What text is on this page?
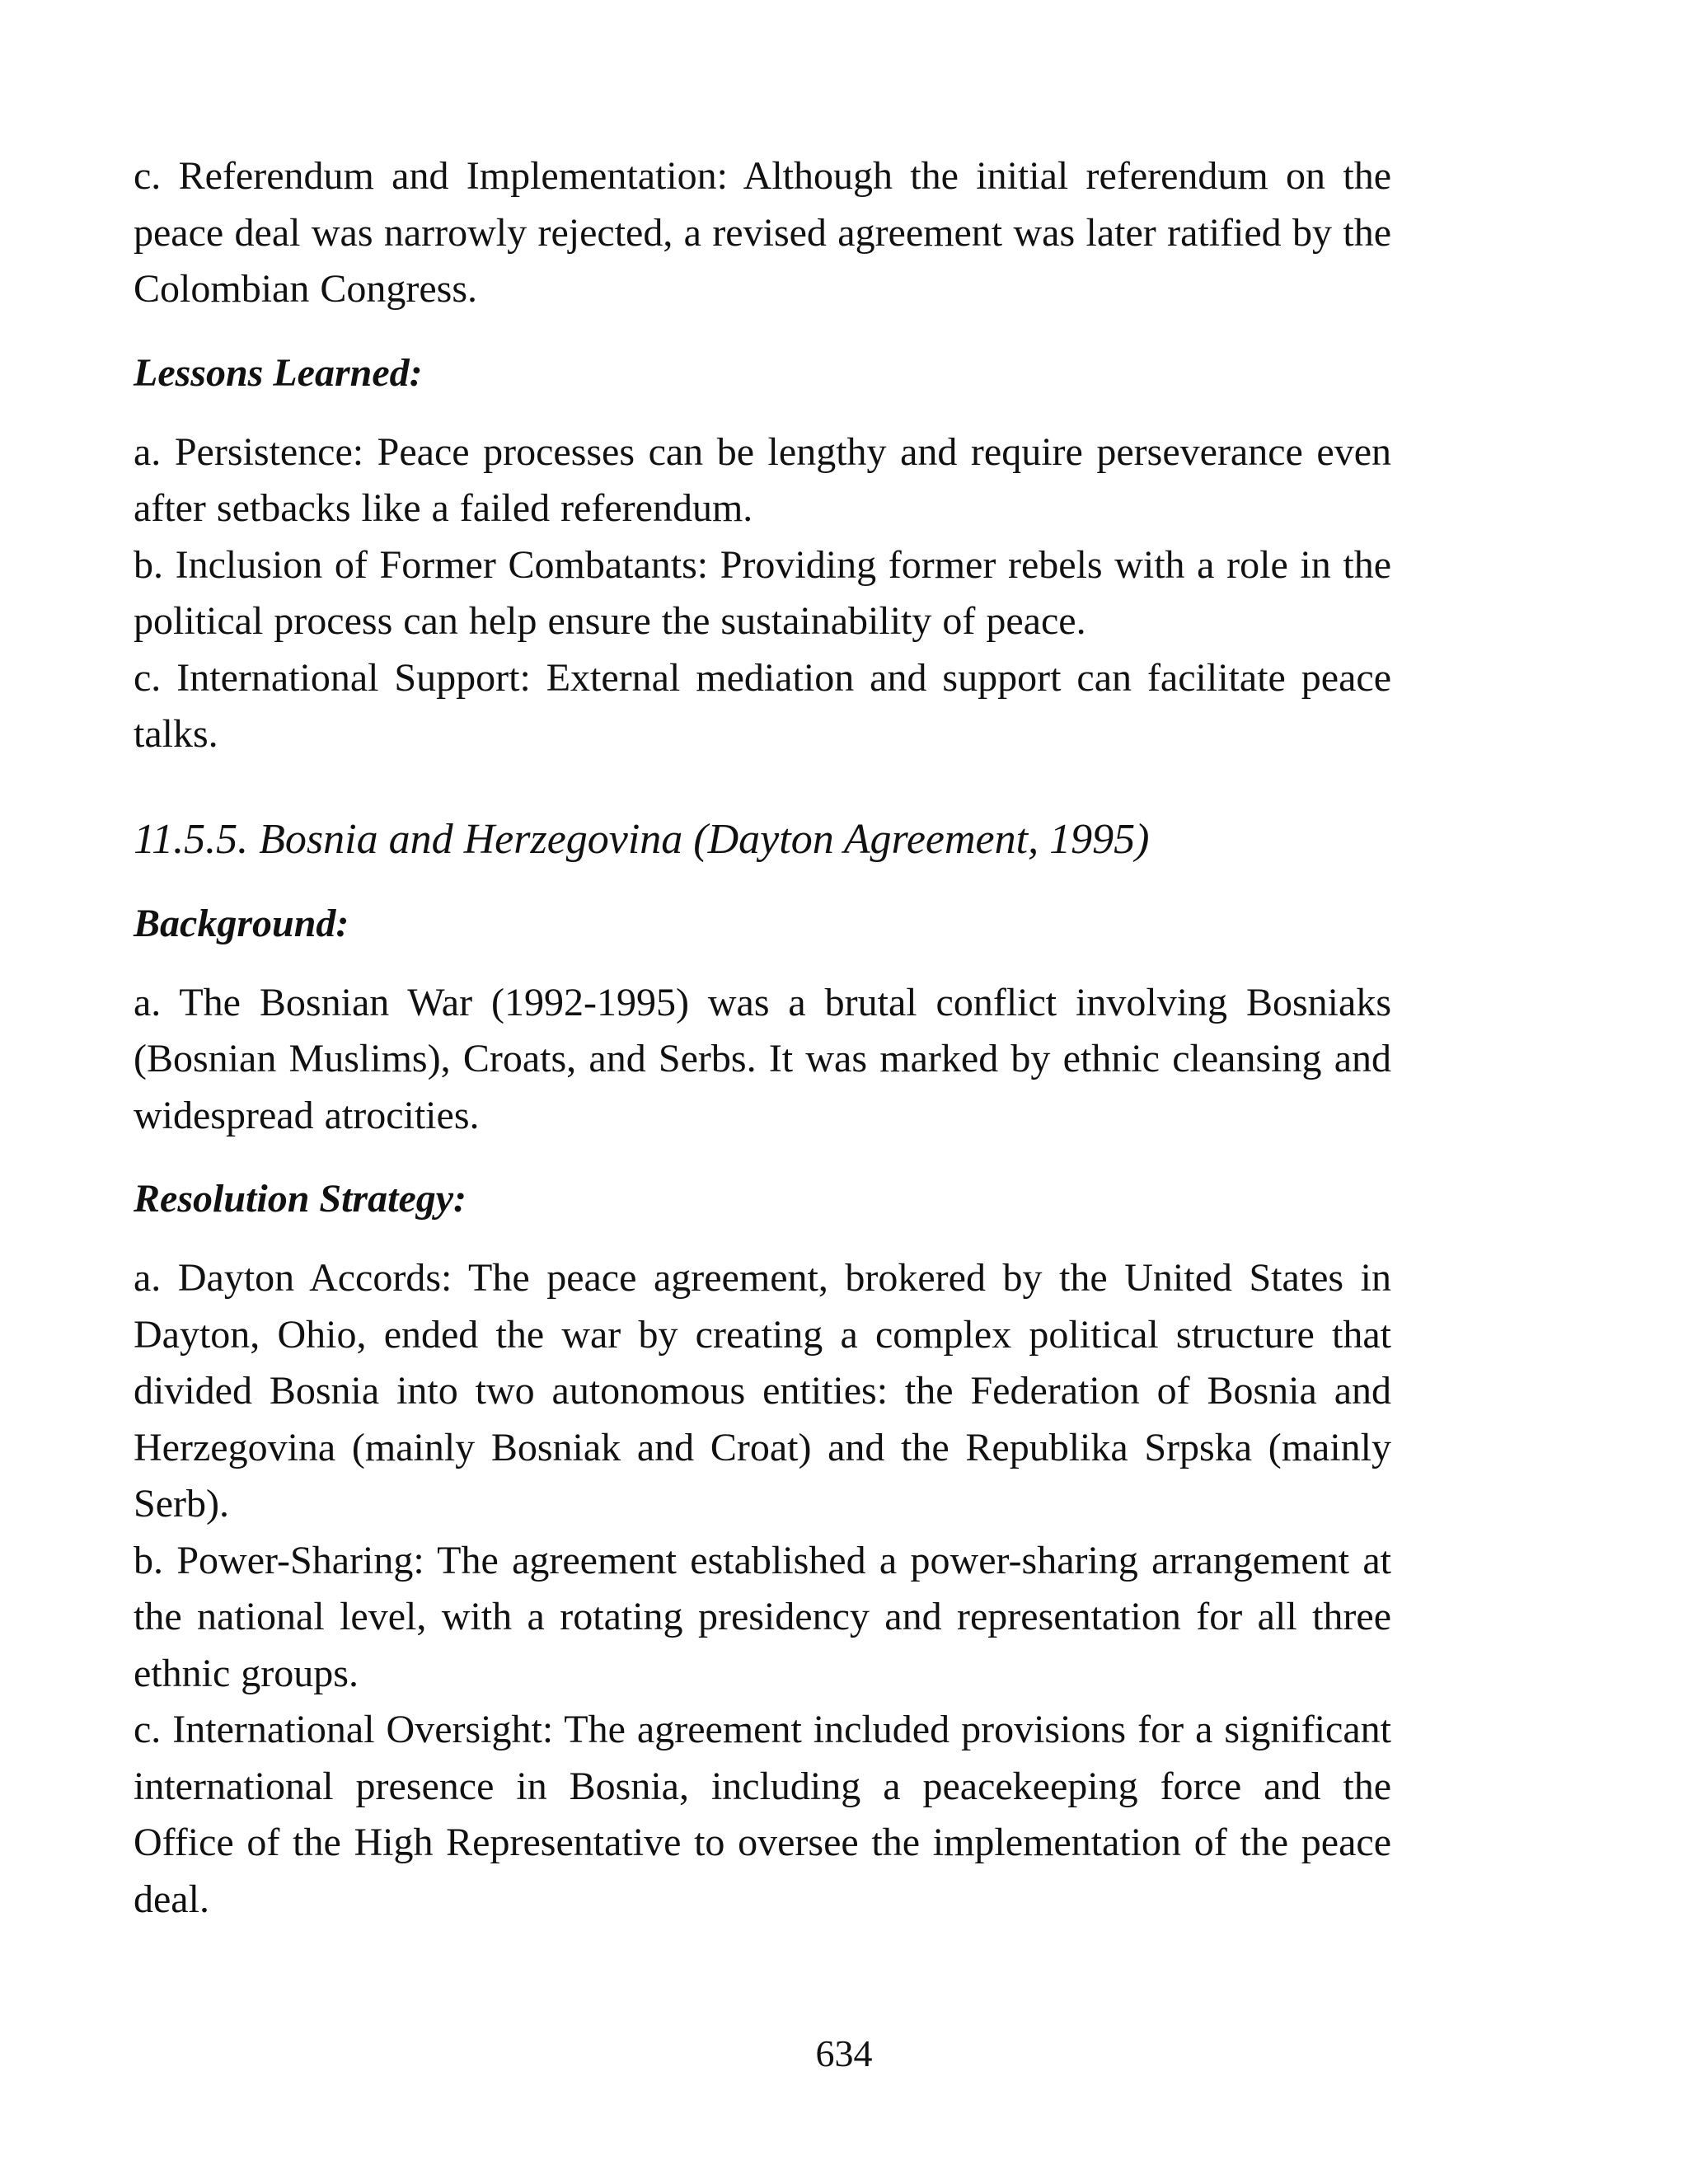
c. Referendum and Implementation: Although the initial referendum on the peace deal was narrowly rejected, a revised agreement was later ratified by the Colombian Congress.

Lessons Learned:

a. Persistence: Peace processes can be lengthy and require perseverance even after setbacks like a failed referendum.

b. Inclusion of Former Combatants: Providing former rebels with a role in the political process can help ensure the sustainability of peace.

c. International Support: External mediation and support can facilitate peace talks.

11.5.5. Bosnia and Herzegovina (Dayton Agreement, 1995)
Background:

a. The Bosnian War (1992-1995) was a brutal conflict involving Bosniaks (Bosnian Muslims), Croats, and Serbs. It was marked by ethnic cleansing and widespread atrocities.

Resolution Strategy:

a. Dayton Accords: The peace agreement, brokered by the United States in Dayton, Ohio, ended the war by creating a complex political structure that divided Bosnia into two autonomous entities: the Federation of Bosnia and Herzegovina (mainly Bosniak and Croat) and the Republika Srpska (mainly Serb).

b. Power-Sharing: The agreement established a power-sharing arrangement at the national level, with a rotating presidency and representation for all three ethnic groups.

c. International Oversight: The agreement included provisions for a significant international presence in Bosnia, including a peacekeeping force and the Office of the High Representative to oversee the implementation of the peace deal.

634
